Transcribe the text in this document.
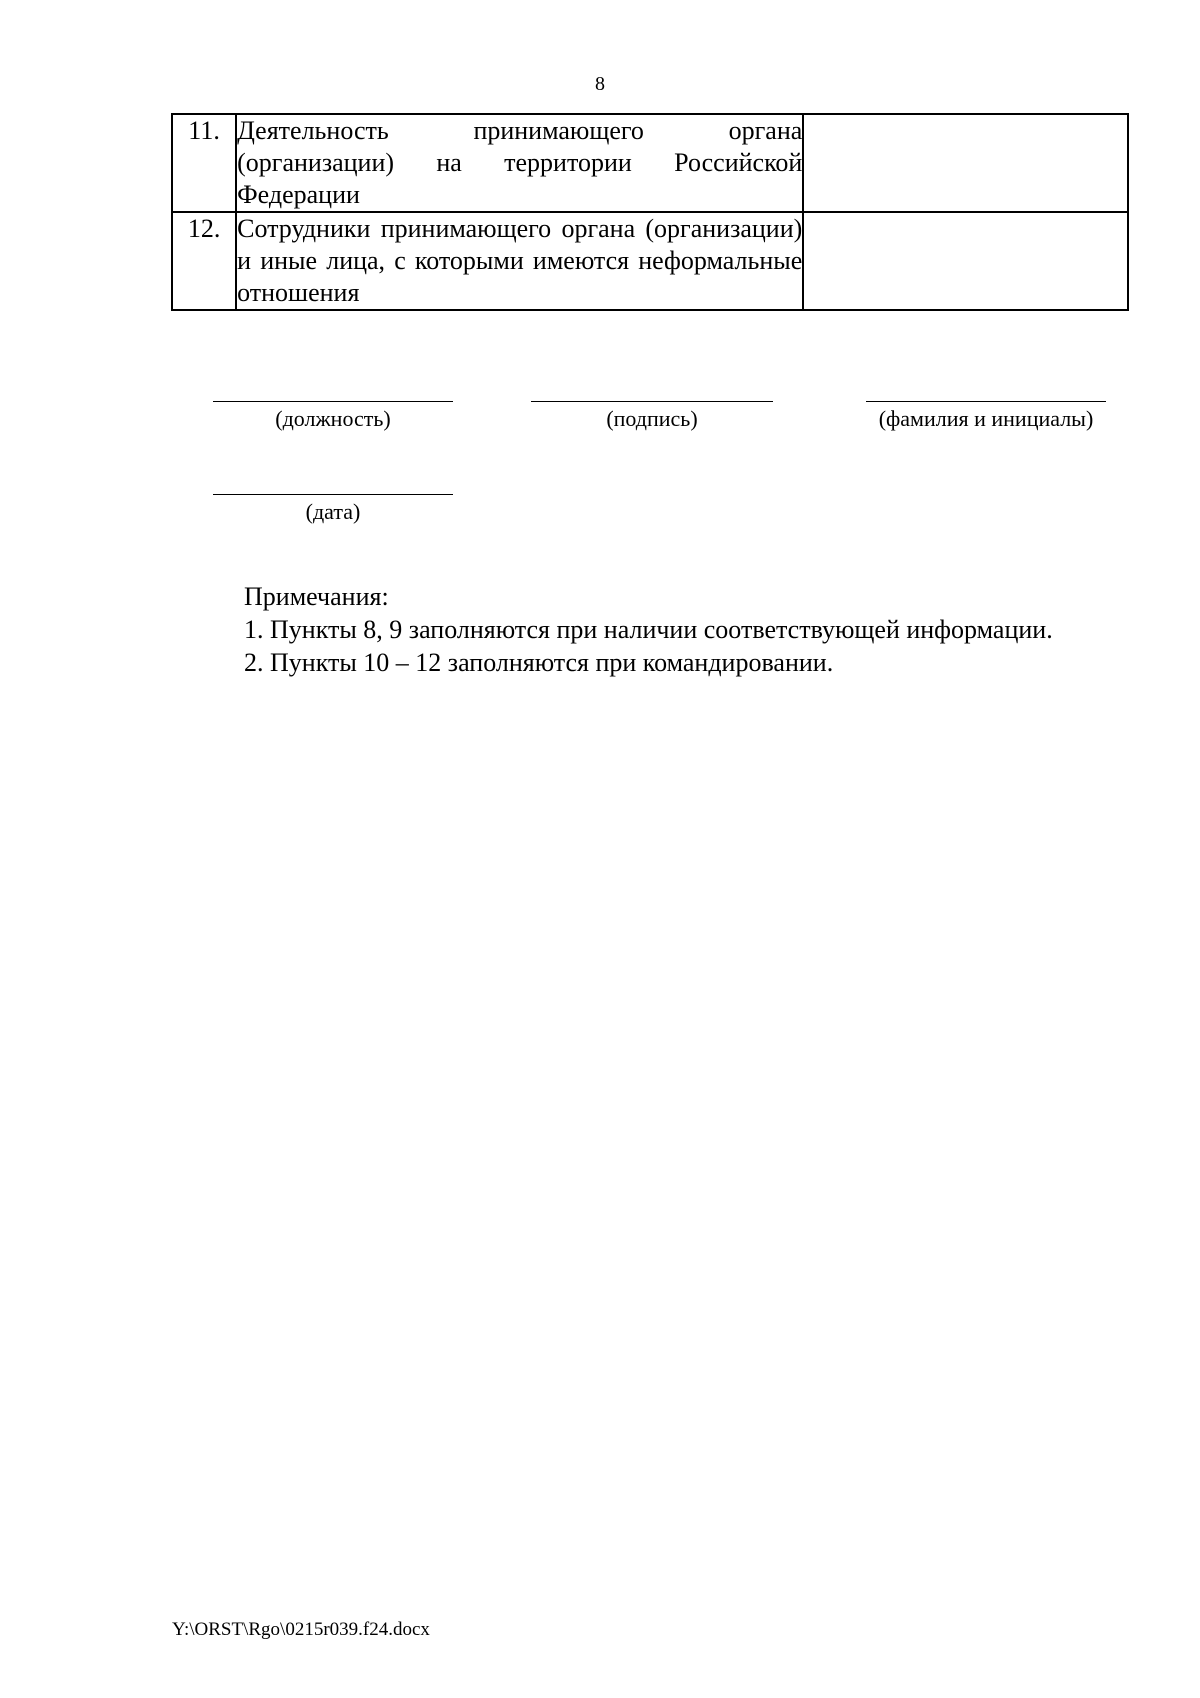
8
11.	Деятельность принимающего органа (организации) на территории Российской Федерации	
12.	Сотрудники принимающего органа (организации) и иные лица, с которыми имеются неформальные отношения	
(должность)	(подпись)	(фамилия и инициалы)
(дата)
Примечания:
1. Пункты 8, 9 заполняются при наличии соответствующей информации.
2. Пункты 10 – 12 заполняются при командировании.
Y:\ORST\Rgo\0215r039.f24.docx
